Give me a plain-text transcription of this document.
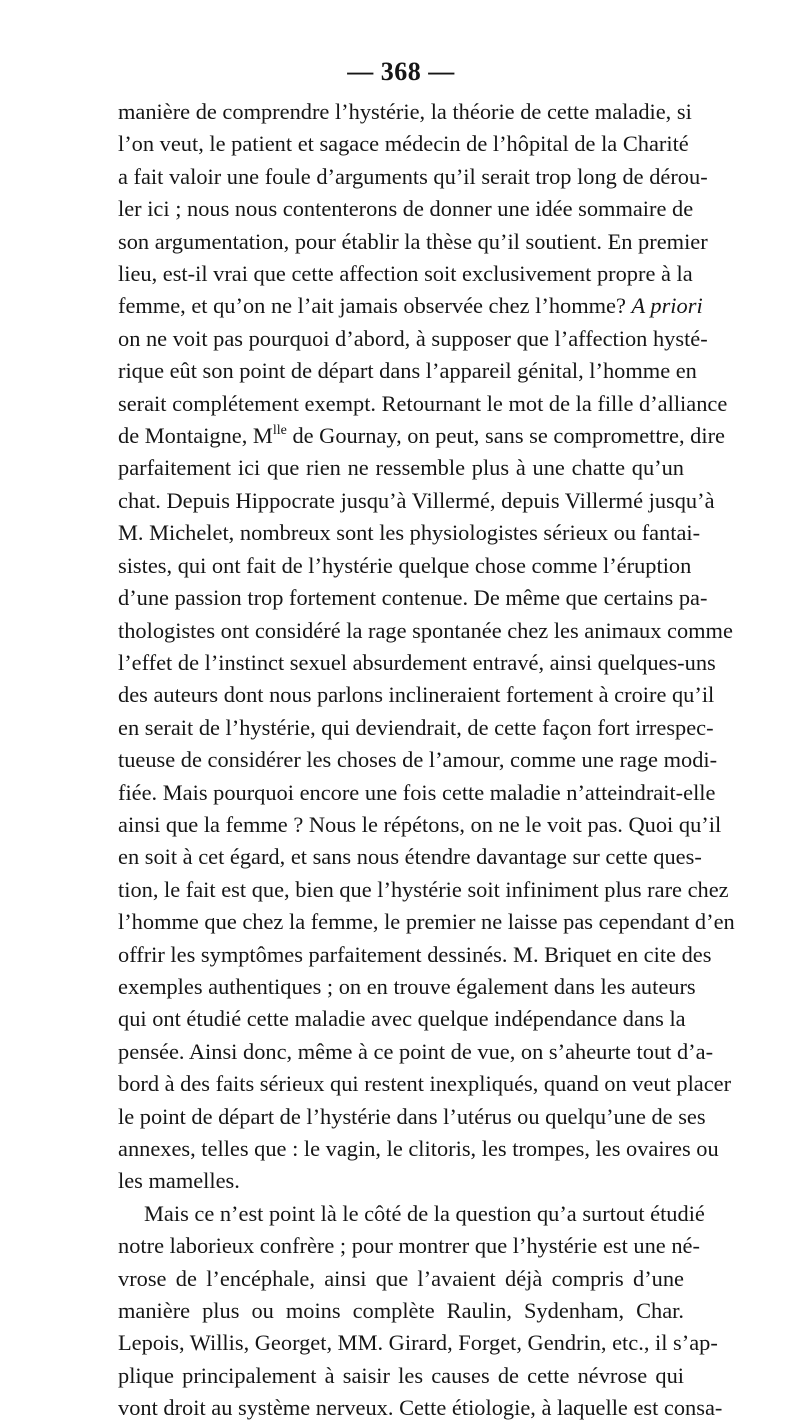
— 368 —

manière de comprendre l’hystérie, la théorie de cette maladie, si
l’on veut, le patient et sagace médecin de l’hôpital de la Charité
a fait valoir une foule d’arguments qu’il serait trop long de dérou-
ler ici ; nous nous contenterons de donner une idée sommaire de
son argumentation, pour établir la thèse qu’il soutient. En premier
lieu, est-il vrai que cette affection soit exclusivement propre à la
femme, et qu’on ne l’ait jamais observée chez l’homme? A priori
on ne voit pas pourquoi d’abord, à supposer que l’affection hysté-
rique eût son point de départ dans l’appareil génital, l’homme en
serait complétement exempt. Retournant le mot de la fille d’alliance
de Montaigne, $M^{lle}$ de Gournay, on peut, sans se compromettre, dire
parfaitement ici que rien ne ressemble plus à une chatte qu’un
chat. Depuis Hippocrate jusqu’à Villermé, depuis Villermé jusqu’à
M. Michelet, nombreux sont les physiologistes sérieux ou fantai-
sistes, qui ont fait de l’hystérie quelque chose comme l’éruption
d’une passion trop fortement contenue. De même que certains pa-
thologistes ont considéré la rage spontanée chez les animaux comme
l’effet de l’instinct sexuel absurdement entravé, ainsi quelques-uns
des auteurs dont nous parlons inclineraient fortement à croire qu’il
en serait de l’hystérie, qui deviendrait, de cette façon fort irrespec-
tueuse de considérer les choses de l’amour, comme une rage modi-
fiée. Mais pourquoi encore une fois cette maladie n’atteindrait-elle
ainsi que la femme ? Nous le répétons, on ne le voit pas. Quoi qu’il
en soit à cet égard, et sans nous étendre davantage sur cette ques-
tion, le fait est que, bien que l’hystérie soit infiniment plus rare chez
l’homme que chez la femme, le premier ne laisse pas cependant d’en
offrir les symptômes parfaitement dessinés. M. Briquet en cite des
exemples authentiques ; on en trouve également dans les auteurs
qui ont étudié cette maladie avec quelque indépendance dans la
pensée. Ainsi donc, même à ce point de vue, on s’aheurte tout d’a-
bord à des faits sérieux qui restent inexpliqués, quand on veut placer
le point de départ de l’hystérie dans l’utérus ou quelqu’une de ses
annexes, telles que : le vagin, le clitoris, les trompes, les ovaires ou
les mamelles.

Mais ce n’est point là le côté de la question qu’a surtout étudié
notre laborieux confrère ; pour montrer que l’hystérie est une né-
vrose de l’encéphale, ainsi que l’avaient déjà compris d’une
manière plus ou moins complète Raulin, Sydenham, Char.
Lepois, Willis, Georget, MM. Girard, Forget, Gendrin, etc., il s’ap-
plique principalement à saisir les causes de cette névrose qui
vont droit au système nerveux. Cette étiologie, à laquelle est consa-
